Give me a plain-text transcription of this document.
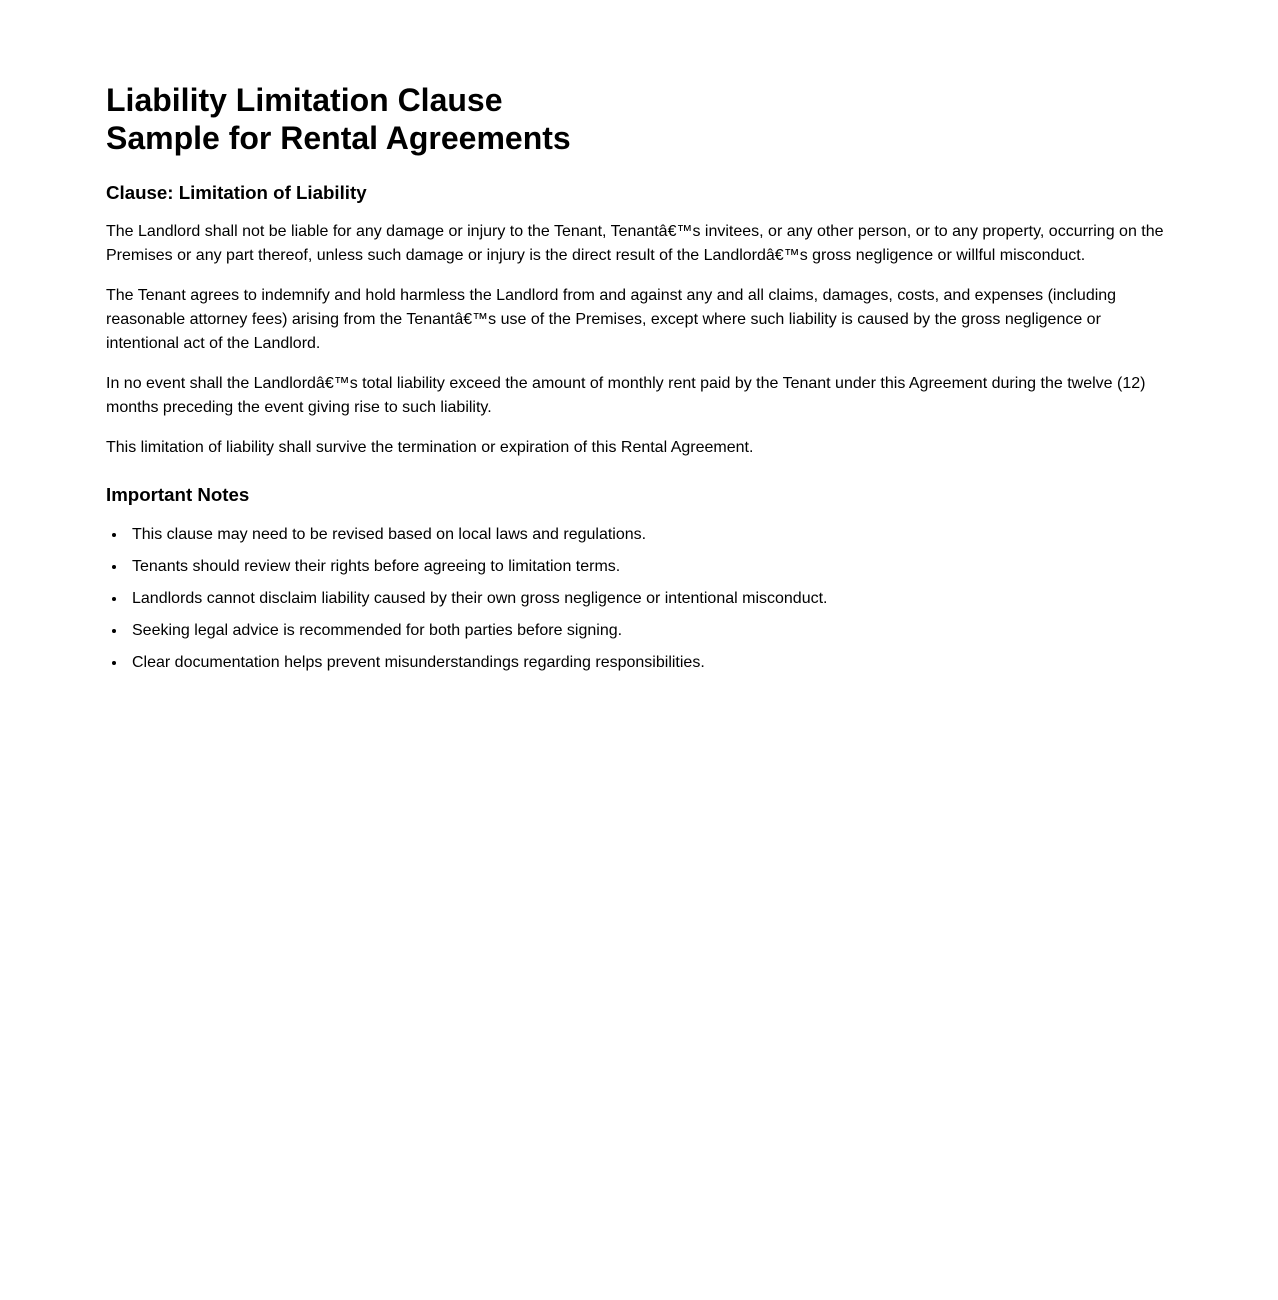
Liability Limitation Clause
Sample for Rental Agreements
Clause: Limitation of Liability

The Landlord shall not be liable for any damage or injury to the Tenant, Tenantâ€™s invitees, or any other person, or to any property, occurring on the Premises or any part thereof, unless such damage or injury is the direct result of the Landlordâ€™s gross negligence or willful misconduct.

The Tenant agrees to indemnify and hold harmless the Landlord from and against any and all claims, damages, costs, and expenses (including reasonable attorney fees) arising from the Tenantâ€™s use of the Premises, except where such liability is caused by the gross negligence or intentional act of the Landlord.

In no event shall the Landlordâ€™s total liability exceed the amount of monthly rent paid by the Tenant under this Agreement during the twelve (12) months preceding the event giving rise to such liability.

This limitation of liability shall survive the termination or expiration of this Rental Agreement.

Important Notes
• This clause may need to be revised based on local laws and regulations.
• Tenants should review their rights before agreeing to limitation terms.
• Landlords cannot disclaim liability caused by their own gross negligence or intentional misconduct.
• Seeking legal advice is recommended for both parties before signing.
• Clear documentation helps prevent misunderstandings regarding responsibilities.
